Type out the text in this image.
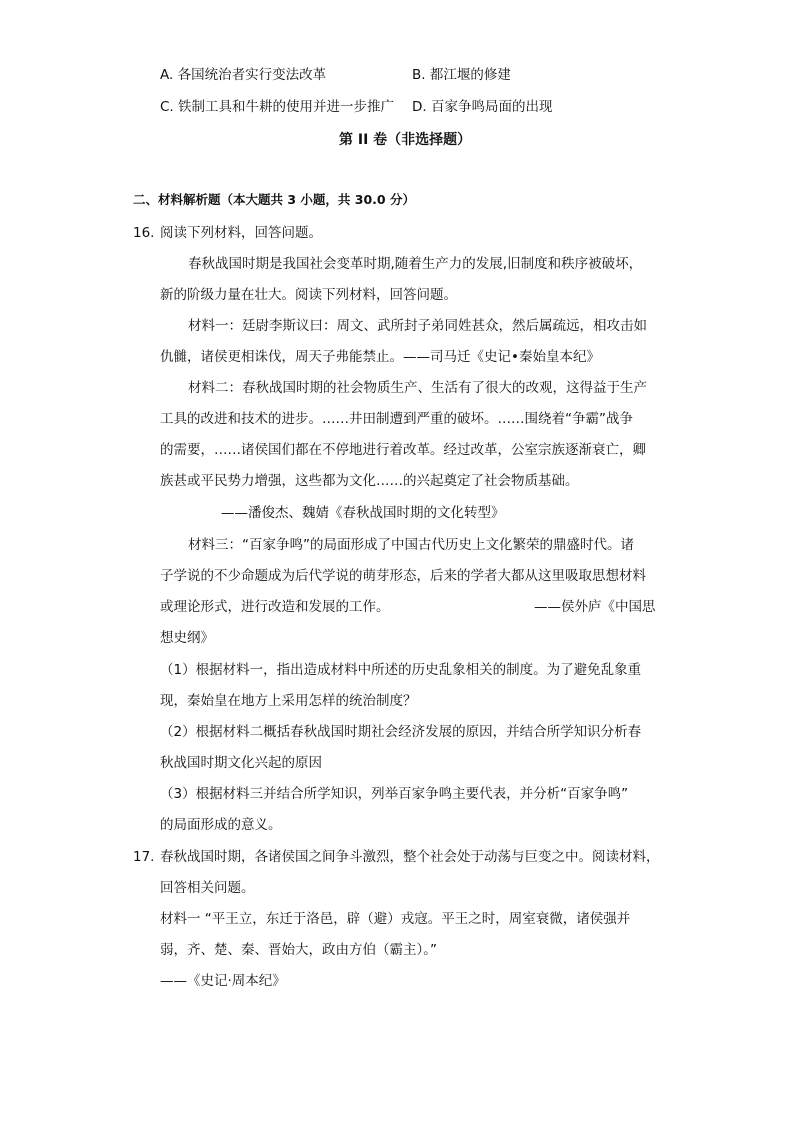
A. 各国统治者实行变法改革	B. 都江堰的修建
C. 铁制工具和牛耕的使用并进一步推广 D. 百家争鸣局面的出现
第 II 卷（非选择题）
二、材料解析题（本大题共 3 小题，共 30.0 分）
16. 阅读下列材料，回答问题。
春秋战国时期是我国社会变革时期,随着生产力的发展,旧制度和秩序被破坏，
新的阶级力量在壮大。阅读下列材料，回答问题。
材料一：廷尉李斯议曰：周文、武所封子弟同姓甚众，然后属疏远，相攻击如
仇雠，诸侯更相诛伐，周天子弗能禁止。——司马迁《史记•秦始皇本纪》
材料二：春秋战国时期的社会物质生产、生活有了很大的改观，这得益于生产
工具的改进和技术的进步。……井田制遭到严重的破坏。……围绕着“争霸”战争
的需要，……诸侯国们都在不停地进行着改革。经过改革，公室宗族逐渐衰亡，卿
族甚或平民势力增强，这些都为文化……的兴起奠定了社会物质基础。
——潘俊杰、魏婧《春秋战国时期的文化转型》
材料三：“百家争鸣”的局面形成了中国古代历史上文化繁荣的鼎盛时代。诸
子学说的不少命题成为后代学说的萌芽形态，后来的学者大都从这里吸取思想材料
或理论形式，进行改造和发展的工作。	——侯外庐《中国思
想史纲》
（1）根据材料一，指出造成材料中所述的历史乱象相关的制度。为了避免乱象重
现，秦始皇在地方上采用怎样的统治制度？
（2）根据材料二概括春秋战国时期社会经济发展的原因，并结合所学知识分析春
秋战国时期文化兴起的原因
（3）根据材料三并结合所学知识，列举百家争鸣主要代表，并分析“百家争鸣”
的局面形成的意义。
17. 春秋战国时期，各诸侯国之间争斗激烈，整个社会处于动荡与巨变之中。阅读材料，
回答相关问题。
材料一 “平王立，东迁于洛邑，辟（避）戎寇。平王之时，周室衰微，诸侯强并
弱，齐、楚、秦、晋始大，政由方伯（霸主）。”
——《史记·周本纪》
